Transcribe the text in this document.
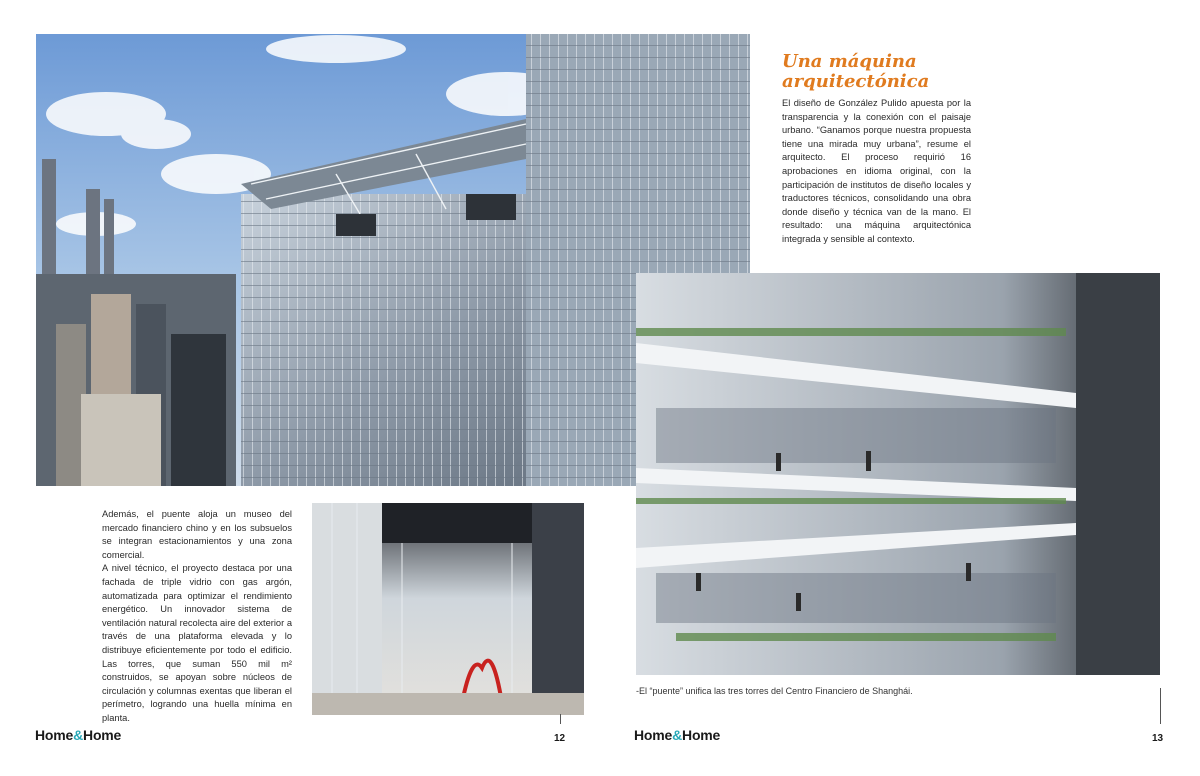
Una máquina arquitectónica

El diseño de González Pulido apuesta por la transparencia y la conexión con el paisaje urbano. “Ganamos porque nuestra propuesta tiene una mirada muy urbana”, resume el arquitecto. El proceso requirió 16 aprobaciones en idioma original, con la participación de institutos de diseño locales y traductores técnicos, consolidando una obra donde diseño y técnica van de la mano. El resultado: una máquina arquitectónica integrada y sensible al contexto.

Además, el puente aloja un museo del mercado financiero chino y en los subsuelos se integran estacionamientos y una zona comercial.

A nivel técnico, el proyecto destaca por una fachada de triple vidrio con gas argón, automatizada para optimizar el rendimiento energético. Un innovador sistema de ventilación natural recolecta aire del exterior a través de una plataforma elevada y lo distribuye eficientemente por todo el edificio. Las torres, que suman 550 mil m² construidos, se apoyan sobre núcleos de circulación y columnas exentas que liberan el perímetro, logrando una huella mínima en planta.

-El “puente” unifica las tres torres del Centro Financiero de Shanghái.
Home&Home	12	Home&Home	13
